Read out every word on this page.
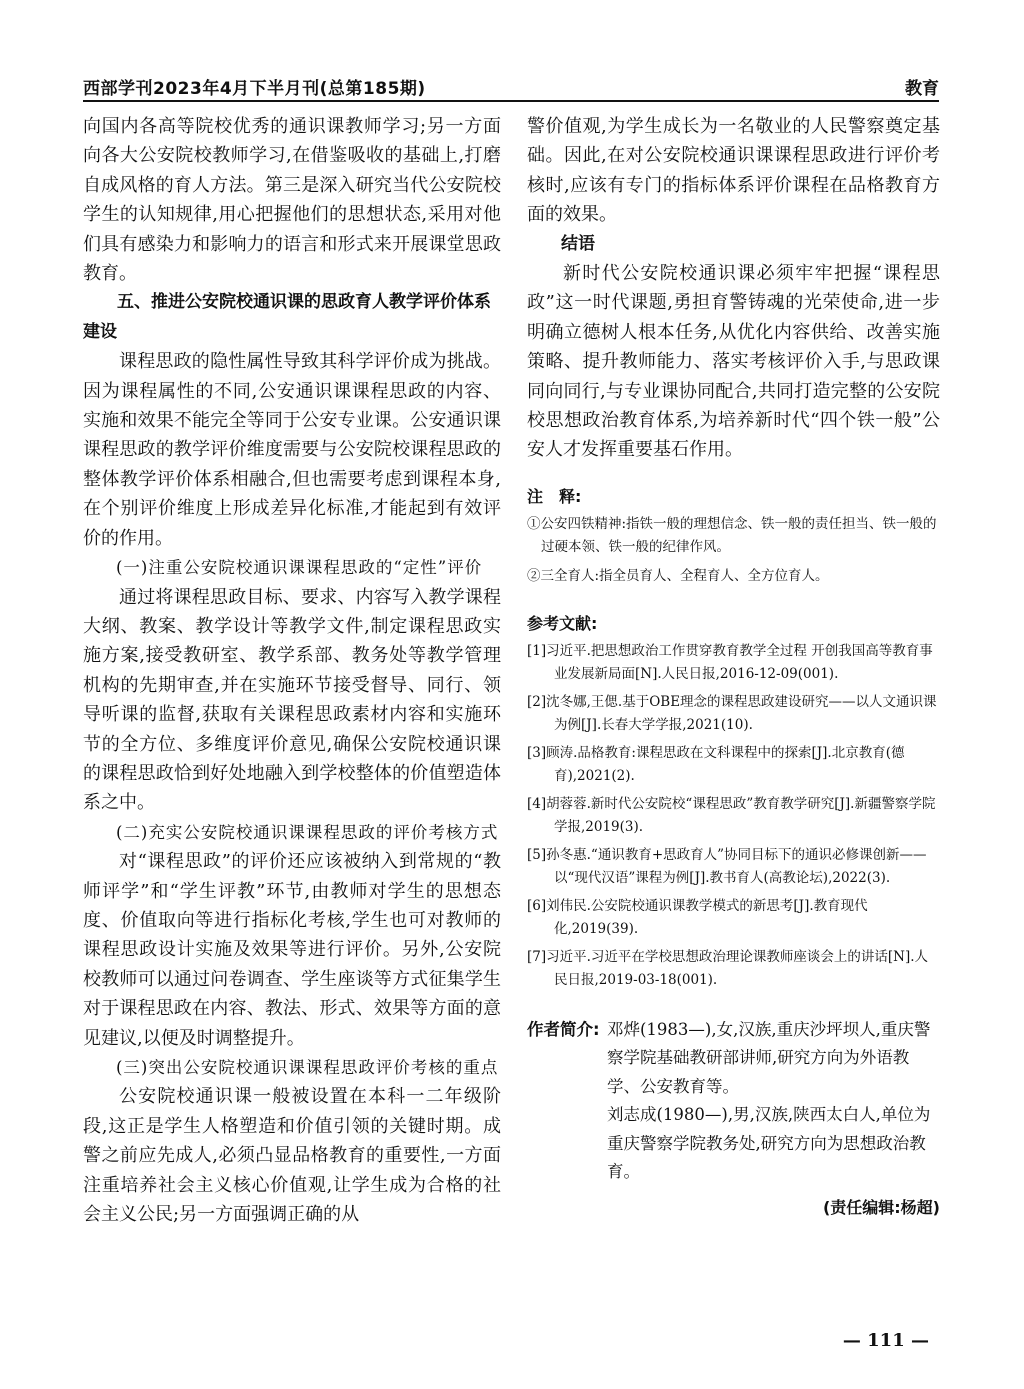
西部学刊2023年4月下半月刊(总第185期)	教育

向国内各高等院校优秀的通识课教师学习;另一方面向各大公安院校教师学习,在借鉴吸收的基础上,打磨自成风格的育人方法。第三是深入研究当代公安院校学生的认知规律,用心把握他们的思想状态,采用对他们具有感染力和影响力的语言和形式来开展课堂思政教育。

五、推进公安院校通识课的思政育人教学评价体系建设

课程思政的隐性属性导致其科学评价成为挑战。因为课程属性的不同,公安通识课课程思政的内容、实施和效果不能完全等同于公安专业课。公安通识课课程思政的教学评价维度需要与公安院校课程思政的整体教学评价体系相融合,但也需要考虑到课程本身,在个别评价维度上形成差异化标准,才能起到有效评价的作用。

(一)注重公安院校通识课课程思政的“定性”评价

通过将课程思政目标、要求、内容写入教学课程大纲、教案、教学设计等教学文件,制定课程思政实施方案,接受教研室、教学系部、教务处等教学管理机构的先期审查,并在实施环节接受督导、同行、领导听课的监督,获取有关课程思政素材内容和实施环节的全方位、多维度评价意见,确保公安院校通识课的课程思政恰到好处地融入到学校整体的价值塑造体系之中。

(二)充实公安院校通识课课程思政的评价考核方式

对“课程思政”的评价还应该被纳入到常规的“教师评学”和“学生评教”环节,由教师对学生的思想态度、价值取向等进行指标化考核,学生也可对教师的课程思政设计实施及效果等进行评价。另外,公安院校教师可以通过问卷调查、学生座谈等方式征集学生对于课程思政在内容、教法、形式、效果等方面的意见建议,以便及时调整提升。

(三)突出公安院校通识课课程思政评价考核的重点

公安院校通识课一般被设置在本科一二年级阶段,这正是学生人格塑造和价值引领的关键时期。成警之前应先成人,必须凸显品格教育的重要性,一方面注重培养社会主义核心价值观,让学生成为合格的社会主义公民;另一方面强调正确的从

警价值观,为学生成长为一名敬业的人民警察奠定基础。因此,在对公安院校通识课课程思政进行评价考核时,应该有专门的指标体系评价课程在品格教育方面的效果。

结语

新时代公安院校通识课必须牢牢把握“课程思政”这一时代课题,勇担育警铸魂的光荣使命,进一步明确立德树人根本任务,从优化内容供给、改善实施策略、提升教师能力、落实考核评价入手,与思政课同向同行,与专业课协同配合,共同打造完整的公安院校思想政治教育体系,为培养新时代“四个铁一般”公安人才发挥重要基石作用。

注　释:

①公安四铁精神:指铁一般的理想信念、铁一般的责任担当、铁一般的过硬本领、铁一般的纪律作风。

②三全育人:指全员育人、全程育人、全方位育人。

参考文献:

[1]习近平.把思想政治工作贯穿教育教学全过程 开创我国高等教育事业发展新局面[N].人民日报,2016-12-09(001).

[2]沈冬娜,王偲.基于OBE理念的课程思政建设研究——以人文通识课为例[J].长春大学学报,2021(10).

[3]顾涛.品格教育:课程思政在文科课程中的探索[J].北京教育(德育),2021(2).

[4]胡蓉蓉.新时代公安院校“课程思政”教育教学研究[J].新疆警察学院学报,2019(3).

[5]孙冬惠.“通识教育+思政育人”协同目标下的通识必修课创新——以“现代汉语”课程为例[J].教书育人(高教论坛),2022(3).

[6]刘伟民.公安院校通识课教学模式的新思考[J].教育现代化,2019(39).

[7]习近平.习近平在学校思想政治理论课教师座谈会上的讲话[N].人民日报,2019-03-18(001).

作者简介: 邓烨(1983—),女,汉族,重庆沙坪坝人,重庆警察学院基础教研部讲师,研究方向为外语教学、公安教育等。

刘志成(1980—),男,汉族,陕西太白人,单位为重庆警察学院教务处,研究方向为思想政治教育。

(责任编辑:杨超)
— 111 —
